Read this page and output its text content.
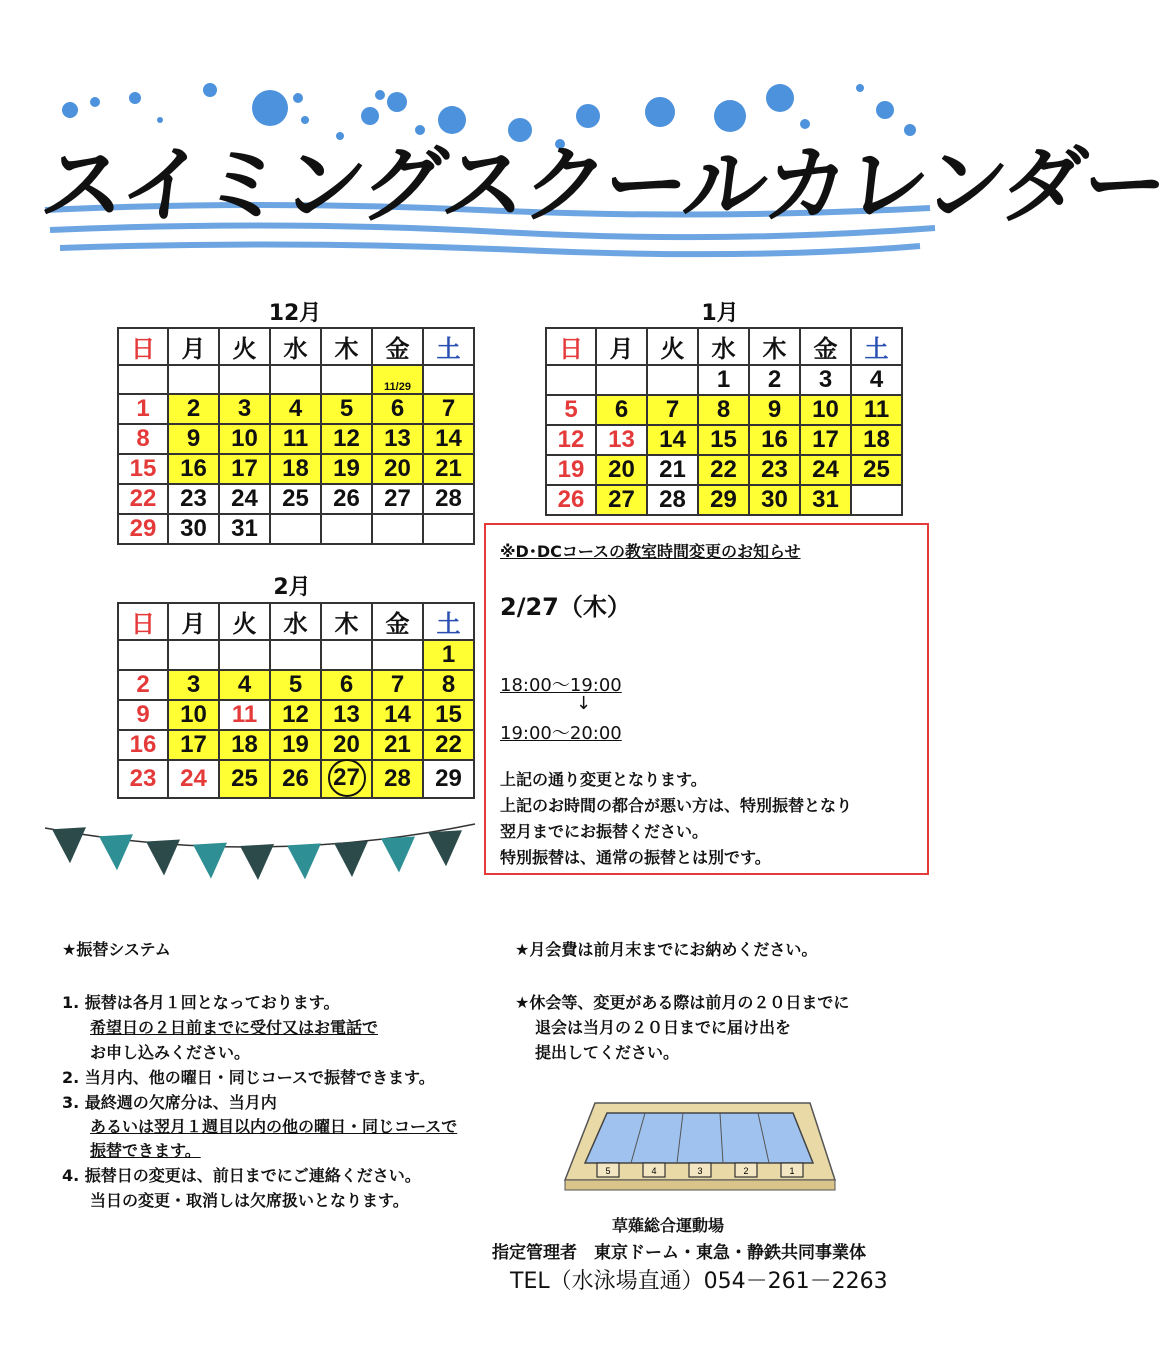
スイミングスクールカレンダー
12月
日	月	火	水	木	金	土
					11/29	
1	2	3	4	5	6	7
8	9	10	11	12	13	14
15	16	17	18	19	20	21
22	23	24	25	26	27	28
29	30	31				
1月
日	月	火	水	木	金	土
			1	2	3	4
5	6	7	8	9	10	11
12	13	14	15	16	17	18
19	20	21	22	23	24	25
26	27	28	29	30	31	
2月
日	月	火	水	木	金	土
						1
2	3	4	5	6	7	8
9	10	11	12	13	14	15
16	17	18	19	20	21	22
23	24	25	26	27	28	29
※D･DCコースの教室時間変更のお知らせ
2/27（木）
18:00～19:00
↓
19:00～20:00
上記の通り変更となります。
上記のお時間の都合が悪い方は、特別振替となり
翌月までにお振替ください。
特別振替は、通常の振替とは別です。
★振替システム
1. 振替は各月１回となっております。
希望日の２日前までに受付又はお電話で
お申し込みください。
2. 当月内、他の曜日・同じコースで振替できます。
3. 最終週の欠席分は、当月内
あるいは翌月１週目以内の他の曜日・同じコースで
振替できます。
4. 振替日の変更は、前日までにご連絡ください。
当日の変更・取消しは欠席扱いとなります。
★月会費は前月末までにお納めください。
★休会等、変更がある際は前月の２０日までに
退会は当月の２０日までに届け出を
提出してください。
5	4	3	2	1
草薙総合運動場
指定管理者　東京ドーム・東急・静鉄共同事業体
TEL（水泳場直通）054－261－2263
